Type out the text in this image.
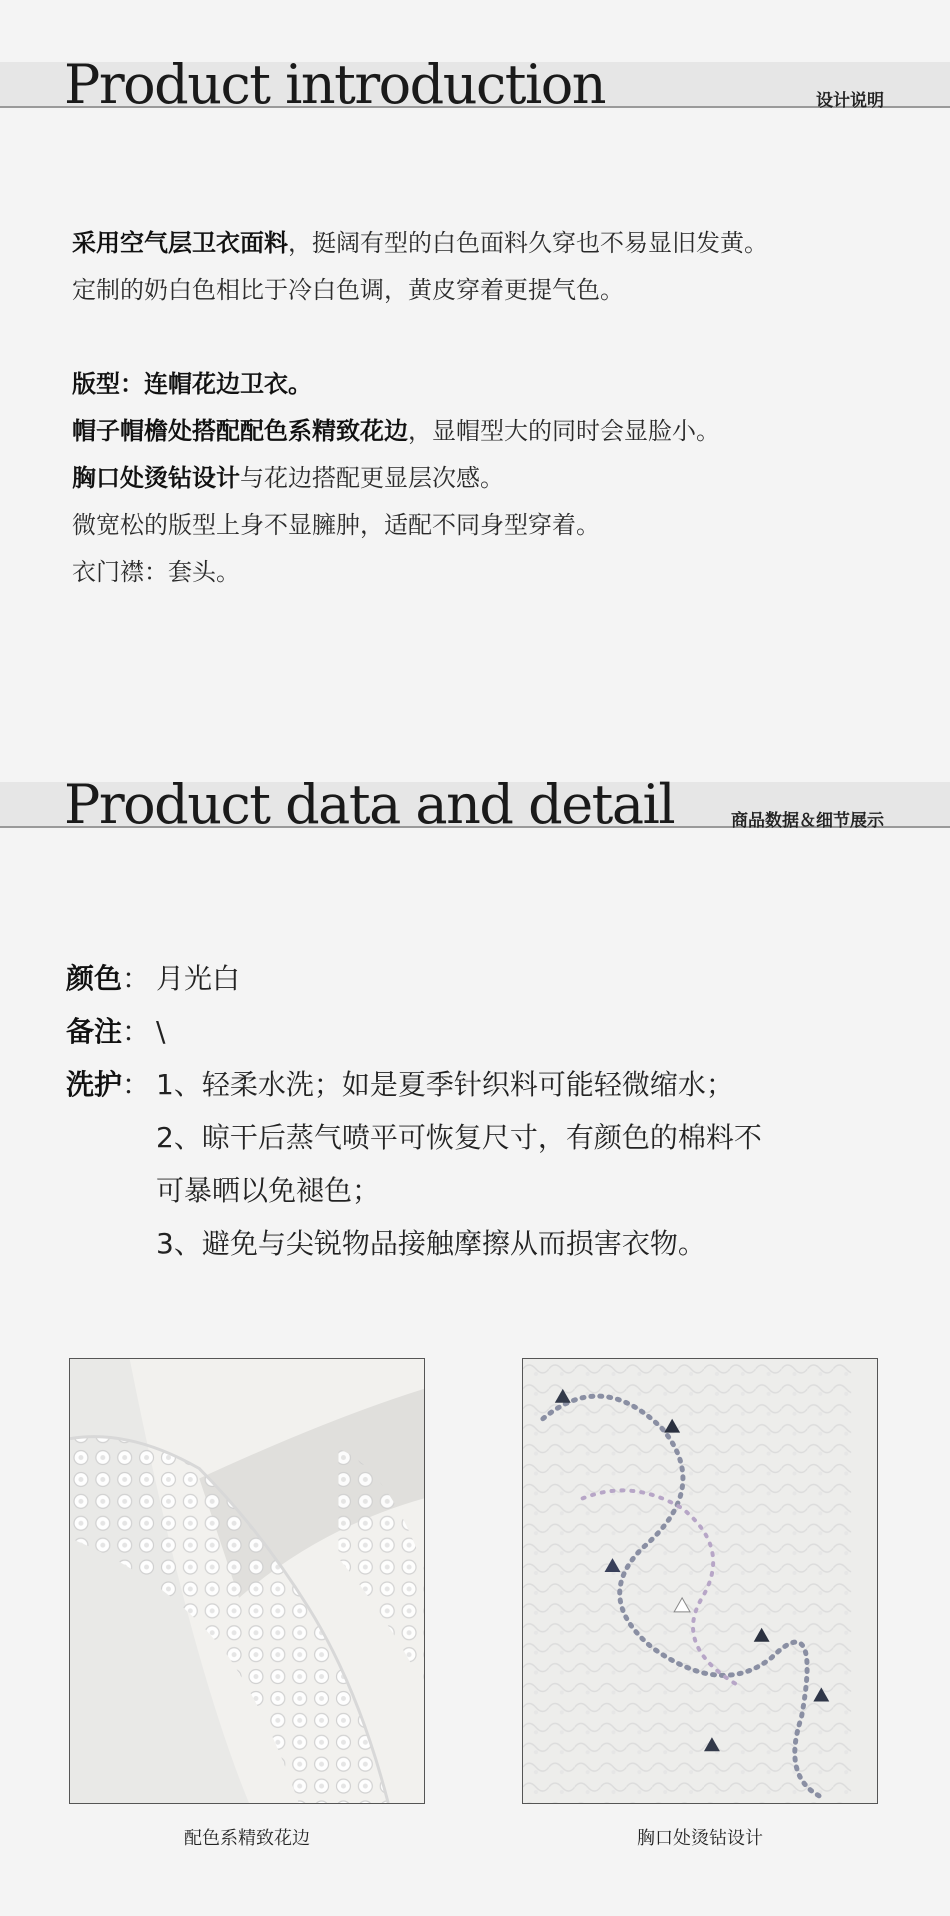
Product introduction	设计说明

采用空气层卫衣面料，挺阔有型的白色面料久穿也不易显旧发黄。

定制的奶白色相比于冷白色调，黄皮穿着更提气色。

版型：连帽花边卫衣。

帽子帽檐处搭配配色系精致花边，显帽型大的同时会显脸小。

胸口处烫钻设计与花边搭配更显层次感。

微宽松的版型上身不显臃肿，适配不同身型穿着。

衣门襟：套头。

Product data and detail	商品数据＆细节展示
颜色 ： 月光白
备注 ： \
洗护 ： 1、轻柔水洗；如是夏季针织料可能轻微缩水；
2、晾干后蒸气喷平可恢复尺寸，有颜色的棉料不
可暴晒以免褪色；
3、避免与尖锐物品接触摩擦从而损害衣物。
配色系精致花边	胸口处烫钻设计
